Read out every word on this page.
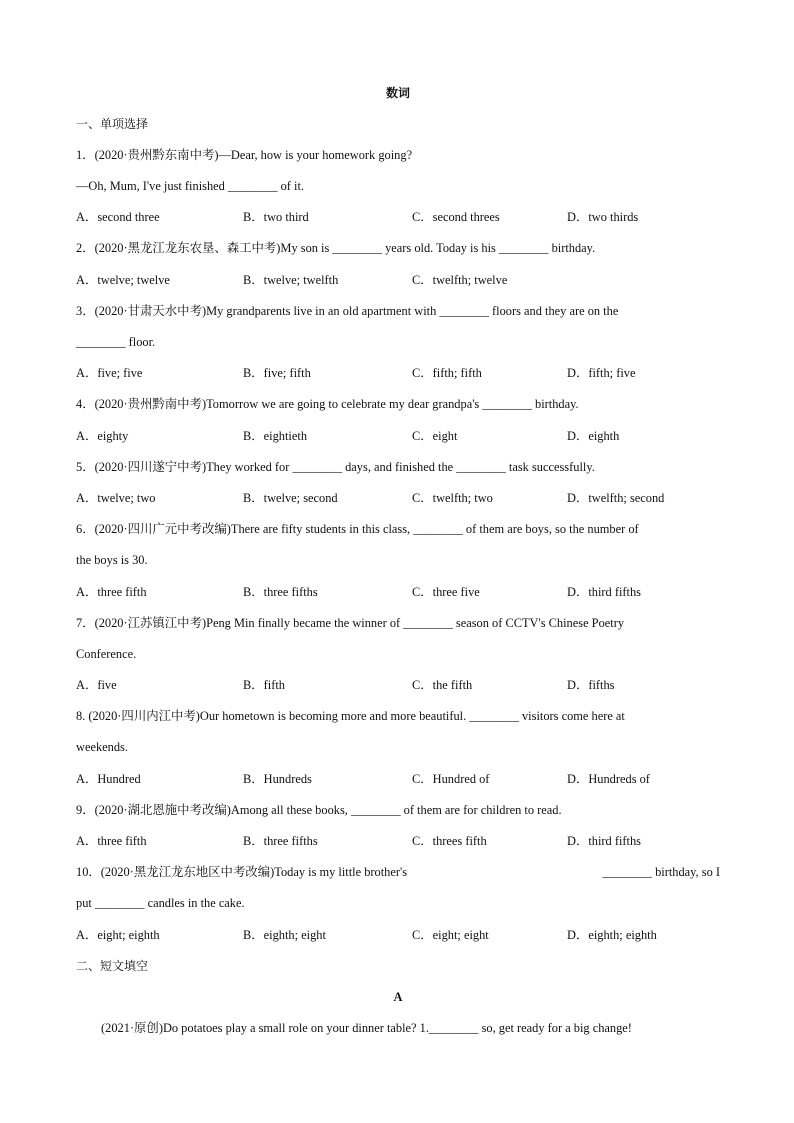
数词
一、单项选择
1．(2020·贵州黔东南中考)—Dear, how is your homework going?
—Oh, Mum, I've just finished ________ of it.
A．second three	B．two third	C．second threes	D．two thirds
2．(2020·黑龙江龙东农垦、森工中考)My son is ________ years old. Today is his ________ birthday.
A．twelve; twelve	B．twelve; twelfth	C．twelfth; twelve
3．(2020·甘肃天水中考)My grandparents live in an old apartment with ________ floors and they are on the
________ floor.
A．five; five	B．five; fifth	C．fifth; fifth	D．fifth; five
4．(2020·贵州黔南中考)Tomorrow we are going to celebrate my dear grandpa's ________ birthday.
A．eighty	B．eightieth	C．eight	D．eighth
5．(2020·四川遂宁中考)They worked for ________ days, and finished the ________ task successfully.
A．twelve; two	B．twelve; second	C．twelfth; two	D．twelfth; second
6．(2020·四川广元中考改编)There are fifty students in this class, ________ of them are boys, so the number of
the boys is 30.
A．three fifth	B．three fifths	C．three five	D．third fifths
7．(2020·江苏镇江中考)Peng Min finally became the winner of ________ season of CCTV's Chinese Poetry
Conference.
A．five	B．fifth	C．the fifth	D．fifths
8. (2020·四川内江中考)Our hometown is becoming more and more beautiful. ________ visitors come here at
weekends.
A．Hundred	B．Hundreds	C．Hundred of	D．Hundreds of
9．(2020·湖北恩施中考改编)Among all these books, ________ of them are for children to read.
A．three fifth	B．three fifths	C．threes fifth	D．third fifths
10．(2020·黑龙江龙东地区中考改编)Today is my little brother's	________ birthday, so I
put ________ candles in the cake.
A．eight; eighth	B．eighth; eight	C．eight; eight	D．eighth; eighth
二、短文填空
A
(2021·原创)Do potatoes play a small role on your dinner table? 1.________ so, get ready for a big change!
